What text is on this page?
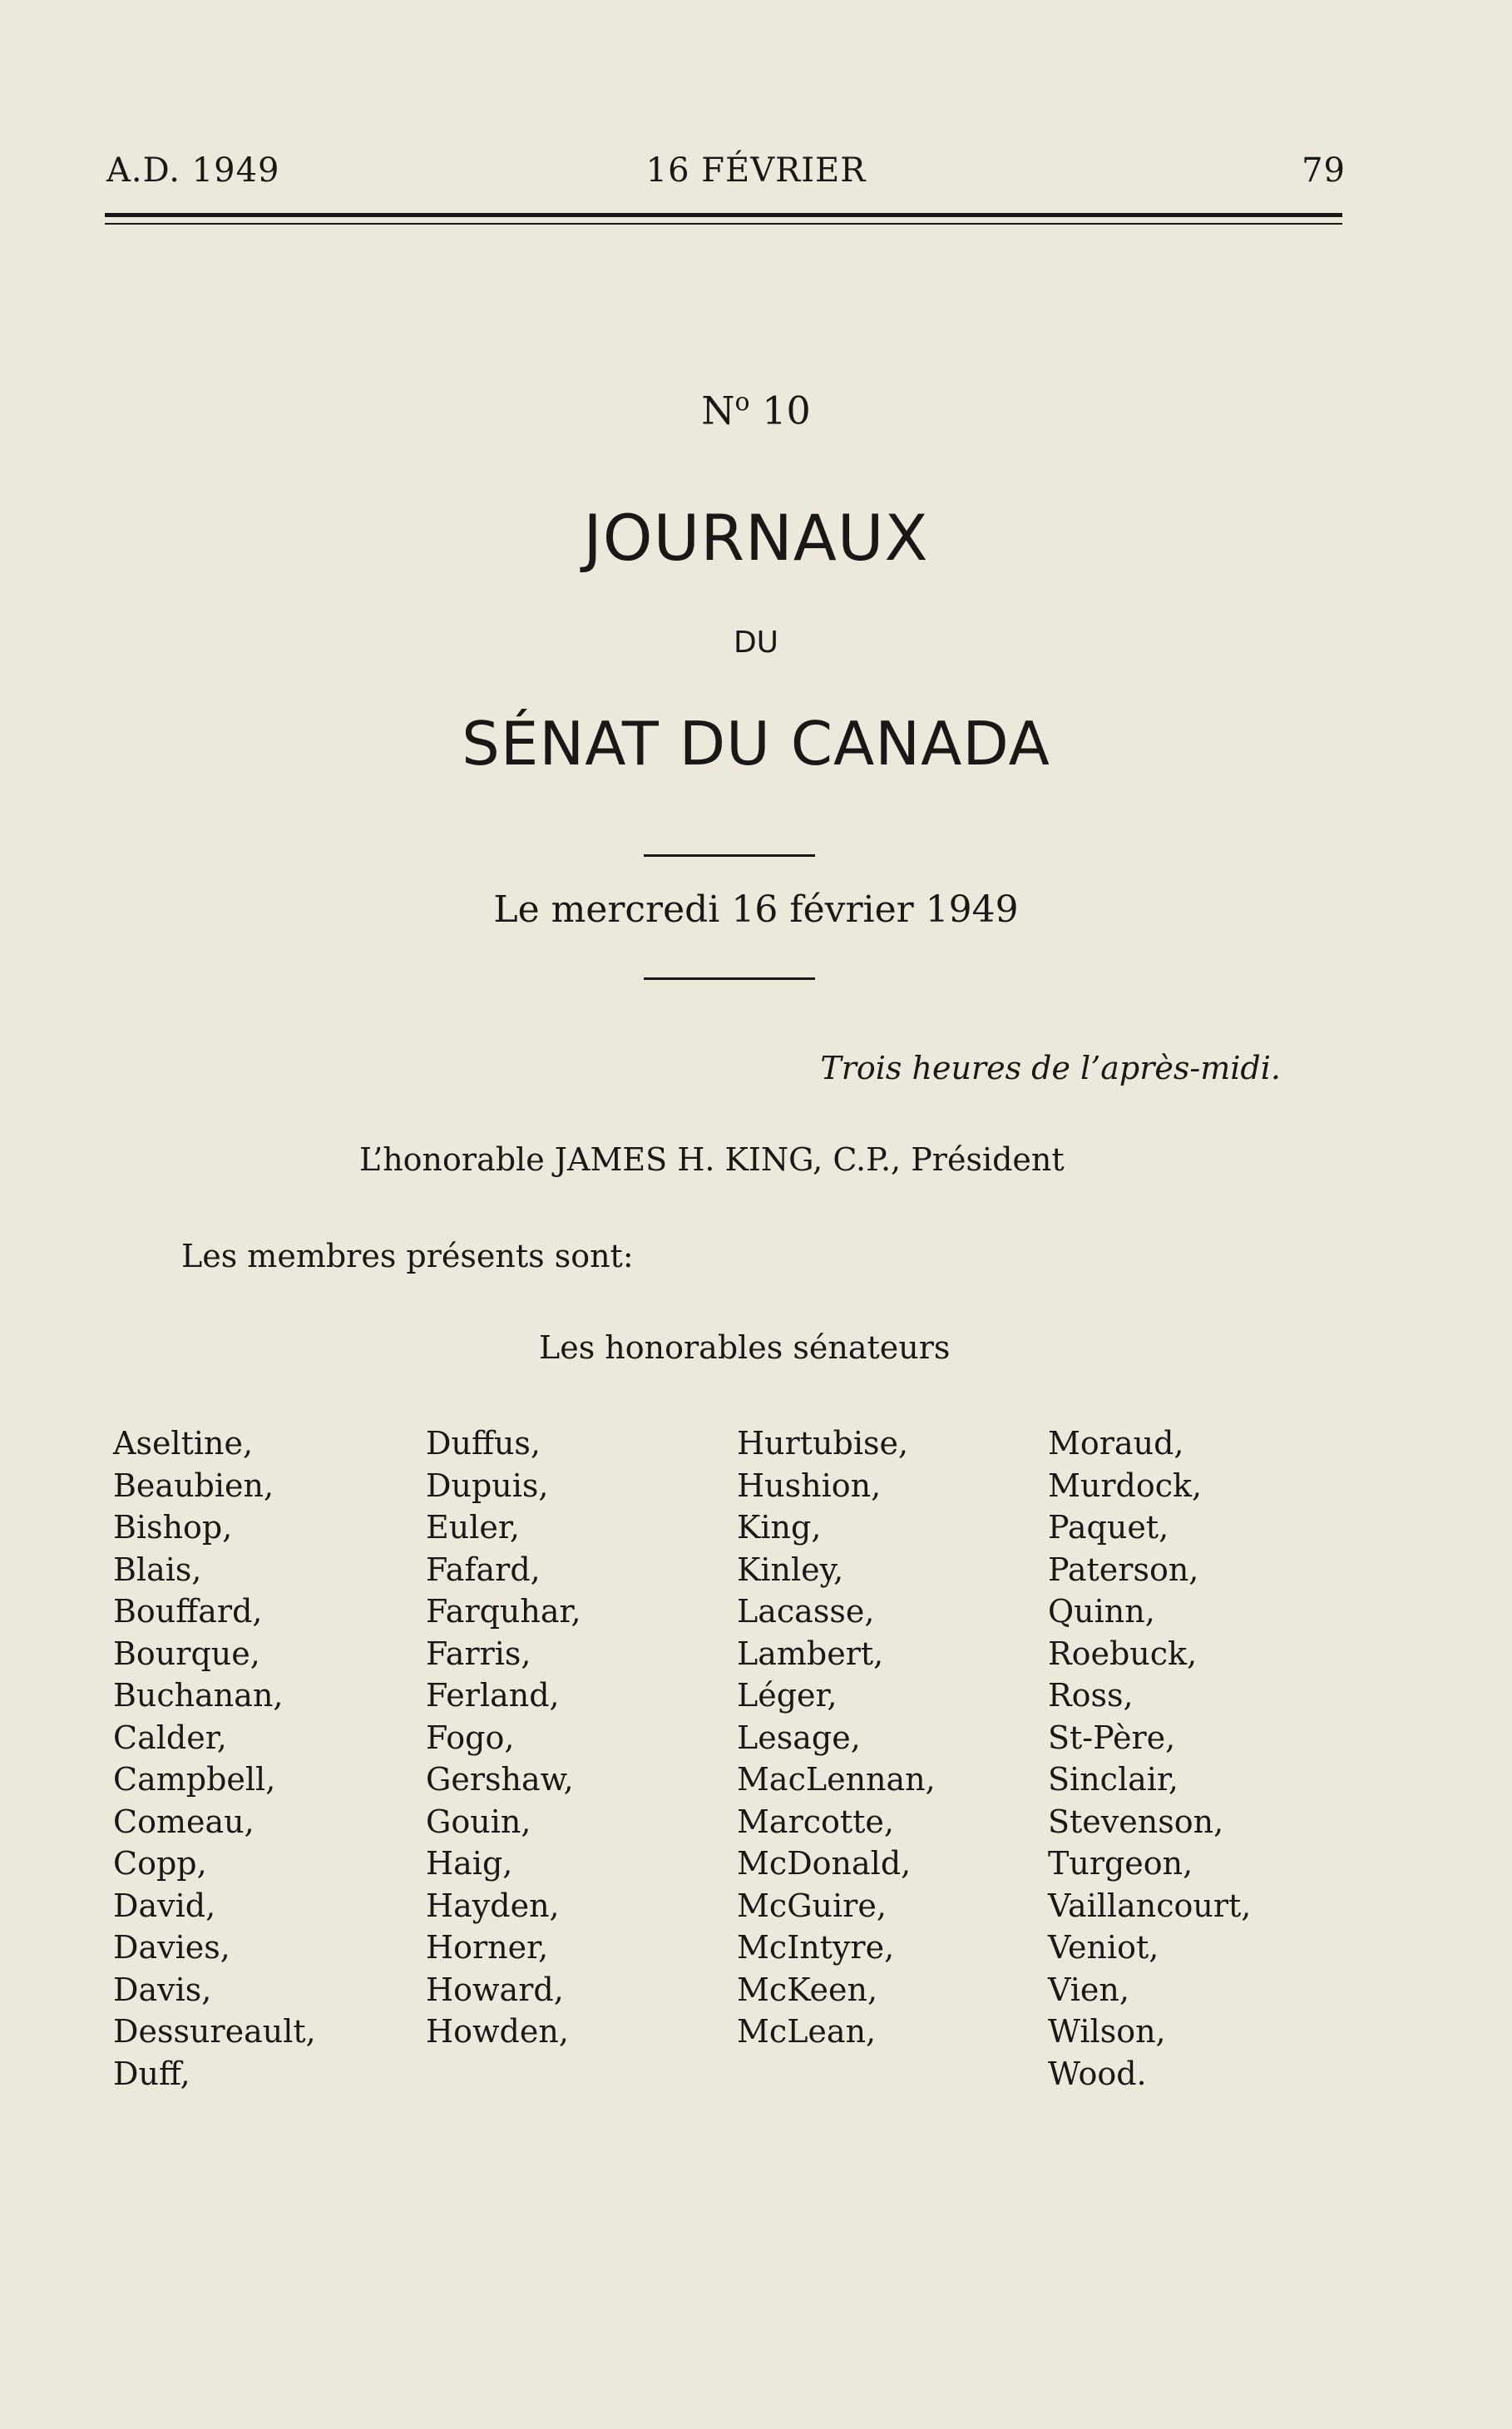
A.D. 1949	16 FÉVRIER	79
$N^o$ 10
JOURNAUX
DU
SÉNAT DU CANADA
Le mercredi 16 février 1949
Trois heures de l’après-midi.
L’honorable JAMES H. KING, C.P., Président
Les membres présents sont:
Les honorables sénateurs
Aseltine,
Beaubien,
Bishop,
Blais,
Bouffard,
Bourque,
Buchanan,
Calder,
Campbell,
Comeau,
Copp,
David,
Davies,
Davis,
Dessureault,
Duff,
Duffus,
Dupuis,
Euler,
Fafard,
Farquhar,
Farris,
Ferland,
Fogo,
Gershaw,
Gouin,
Haig,
Hayden,
Horner,
Howard,
Howden,
Hurtubise,
Hushion,
King,
Kinley,
Lacasse,
Lambert,
Léger,
Lesage,
MacLennan,
Marcotte,
McDonald,
McGuire,
McIntyre,
McKeen,
McLean,
Moraud,
Murdock,
Paquet,
Paterson,
Quinn,
Roebuck,
Ross,
St-Père,
Sinclair,
Stevenson,
Turgeon,
Vaillancourt,
Veniot,
Vien,
Wilson,
Wood.
